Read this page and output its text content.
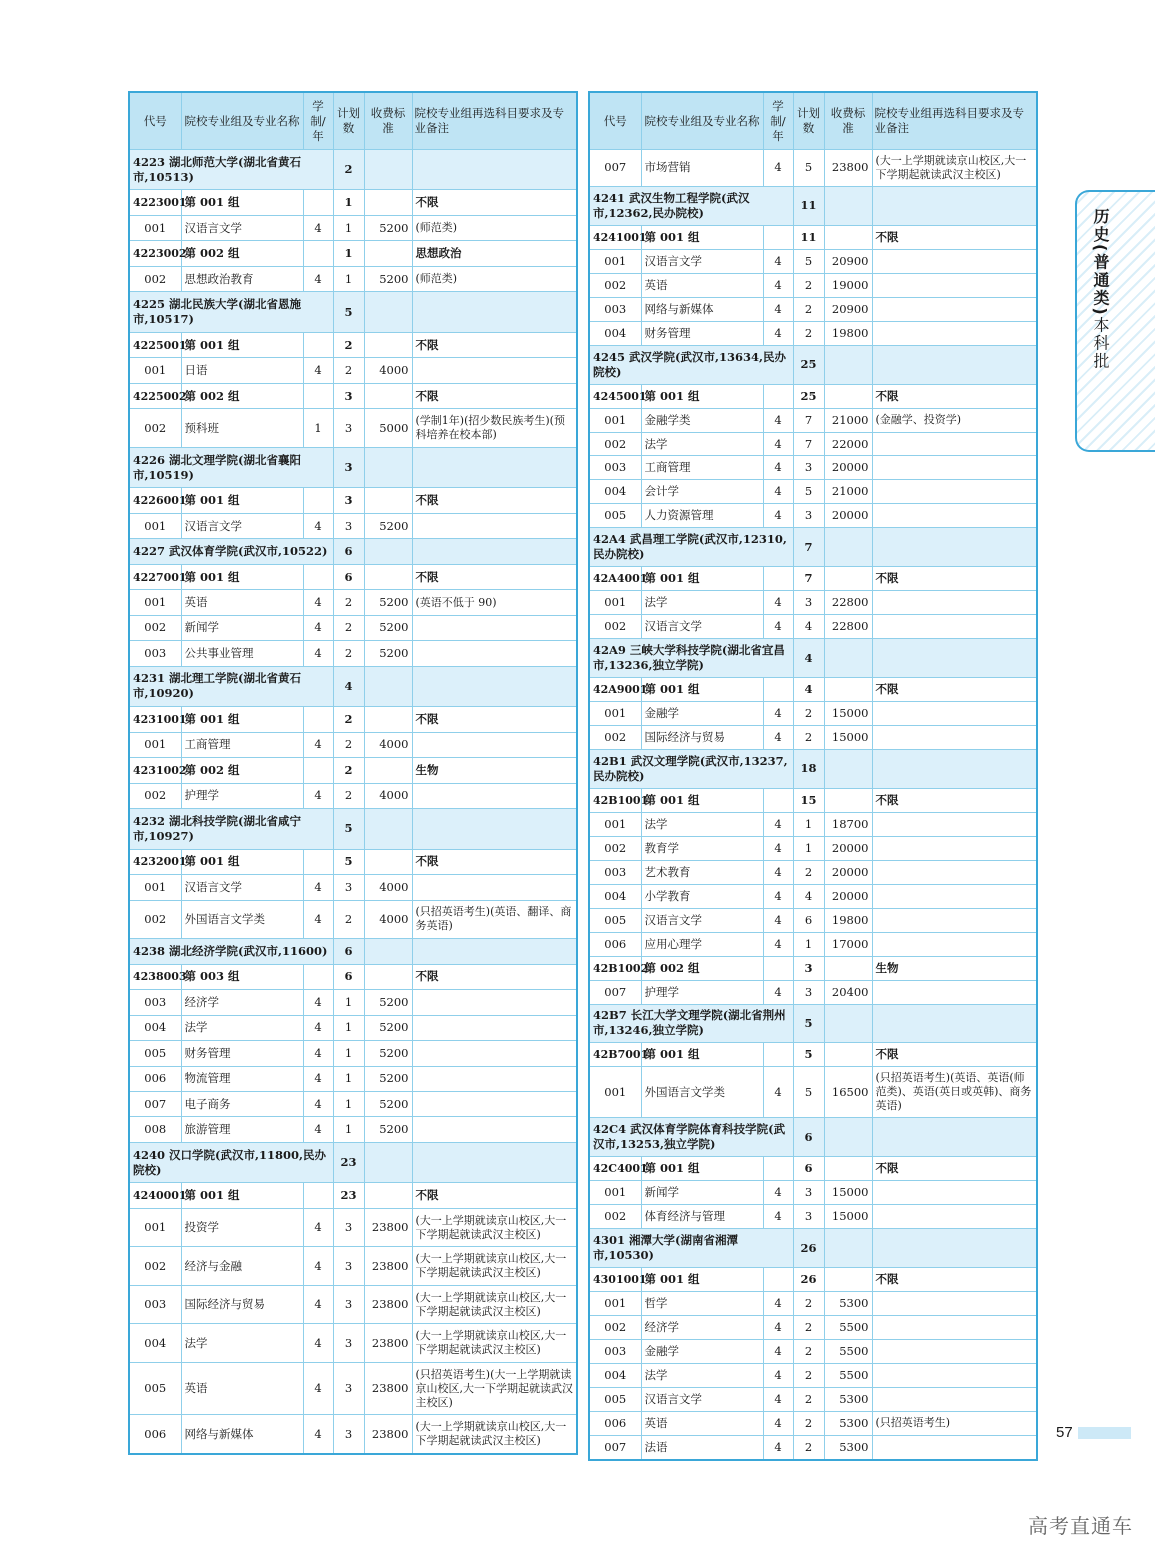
代号	院校专业组及专业名称	学制/年	计划数	收费标准	院校专业组再选科目要求及专业备注
4223 湖北师范大学(湖北省黄石市,10513)			2		
4223001	第 001 组		1		不限
001	汉语言文学	4	1	5200	(师范类)
4223002	第 002 组		1		思想政治
002	思想政治教育	4	1	5200	(师范类)
4225 湖北民族大学(湖北省恩施市,10517)			5		
4225001	第 001 组		2		不限
001	日语	4	2	4000	
4225002	第 002 组		3		不限
002	预科班	1	3	5000	(学制1年)(招少数民族考生)(预科培养在校本部)
4226 湖北文理学院(湖北省襄阳市,10519)			3		
4226001	第 001 组		3		不限
001	汉语言文学	4	3	5200	
4227 武汉体育学院(武汉市,10522)			6		
4227001	第 001 组		6		不限
001	英语	4	2	5200	(英语不低于 90)
002	新闻学	4	2	5200	
003	公共事业管理	4	2	5200	
4231 湖北理工学院(湖北省黄石市,10920)			4		
4231001	第 001 组		2		不限
001	工商管理	4	2	4000	
4231002	第 002 组		2		生物
002	护理学	4	2	4000	
4232 湖北科技学院(湖北省咸宁市,10927)			5		
4232001	第 001 组		5		不限
001	汉语言文学	4	3	4000	
002	外国语言文学类	4	2	4000	(只招英语考生)(英语、翻译、商务英语)
4238 湖北经济学院(武汉市,11600)			6		
4238003	第 003 组		6		不限
003	经济学	4	1	5200	
004	法学	4	1	5200	
005	财务管理	4	1	5200	
006	物流管理	4	1	5200	
007	电子商务	4	1	5200	
008	旅游管理	4	1	5200	
4240 汉口学院(武汉市,11800,民办院校)			23		
4240001	第 001 组		23		不限
001	投资学	4	3	23800	(大一上学期就读京山校区,大一下学期起就读武汉主校区)
002	经济与金融	4	3	23800	(大一上学期就读京山校区,大一下学期起就读武汉主校区)
003	国际经济与贸易	4	3	23800	(大一上学期就读京山校区,大一下学期起就读武汉主校区)
004	法学	4	3	23800	(大一上学期就读京山校区,大一下学期起就读武汉主校区)
005	英语	4	3	23800	(只招英语考生)(大一上学期就读京山校区,大一下学期起就读武汉主校区)
006	网络与新媒体	4	3	23800	(大一上学期就读京山校区,大一下学期起就读武汉主校区)
代号	院校专业组及专业名称	学制/年	计划数	收费标准	院校专业组再选科目要求及专业备注
007	市场营销	4	5	23800	(大一上学期就读京山校区,大一下学期起就读武汉主校区)
4241 武汉生物工程学院(武汉市,12362,民办院校)			11		
4241001	第 001 组		11		不限
001	汉语言文学	4	5	20900	
002	英语	4	2	19000	
003	网络与新媒体	4	2	20900	
004	财务管理	4	2	19800	
4245 武汉学院(武汉市,13634,民办院校)			25		
4245001	第 001 组		25		不限
001	金融学类	4	7	21000	(金融学、投资学)
002	法学	4	7	22000	
003	工商管理	4	3	20000	
004	会计学	4	5	21000	
005	人力资源管理	4	3	20000	
42A4 武昌理工学院(武汉市,12310,民办院校)			7		
42A4001	第 001 组		7		不限
001	法学	4	3	22800	
002	汉语言文学	4	4	22800	
42A9 三峡大学科技学院(湖北省宜昌市,13236,独立学院)			4		
42A9001	第 001 组		4		不限
001	金融学	4	2	15000	
002	国际经济与贸易	4	2	15000	
42B1 武汉文理学院(武汉市,13237,民办院校)			18		
42B1001	第 001 组		15		不限
001	法学	4	1	18700	
002	教育学	4	1	20000	
003	艺术教育	4	2	20000	
004	小学教育	4	4	20000	
005	汉语言文学	4	6	19800	
006	应用心理学	4	1	17000	
42B1002	第 002 组		3		生物
007	护理学	4	3	20400	
42B7 长江大学文理学院(湖北省荆州市,13246,独立学院)			5		
42B7001	第 001 组		5		不限
001	外国语言文学类	4	5	16500	(只招英语考生)(英语、英语(师范类)、英语(英日或英韩)、商务英语)
42C4 武汉体育学院体育科技学院(武汉市,13253,独立学院)			6		
42C4001	第 001 组		6		不限
001	新闻学	4	3	15000	
002	体育经济与管理	4	3	15000	
4301 湘潭大学(湖南省湘潭市,10530)			26		
4301001	第 001 组		26		不限
001	哲学	4	2	5300	
002	经济学	4	2	5500	
003	金融学	4	2	5500	
004	法学	4	2	5500	
005	汉语言文学	4	2	5300	
006	英语	4	2	5300	(只招英语考生)
007	法语	4	2	5300	
历史(普通类)本科批
57
高考直通车
